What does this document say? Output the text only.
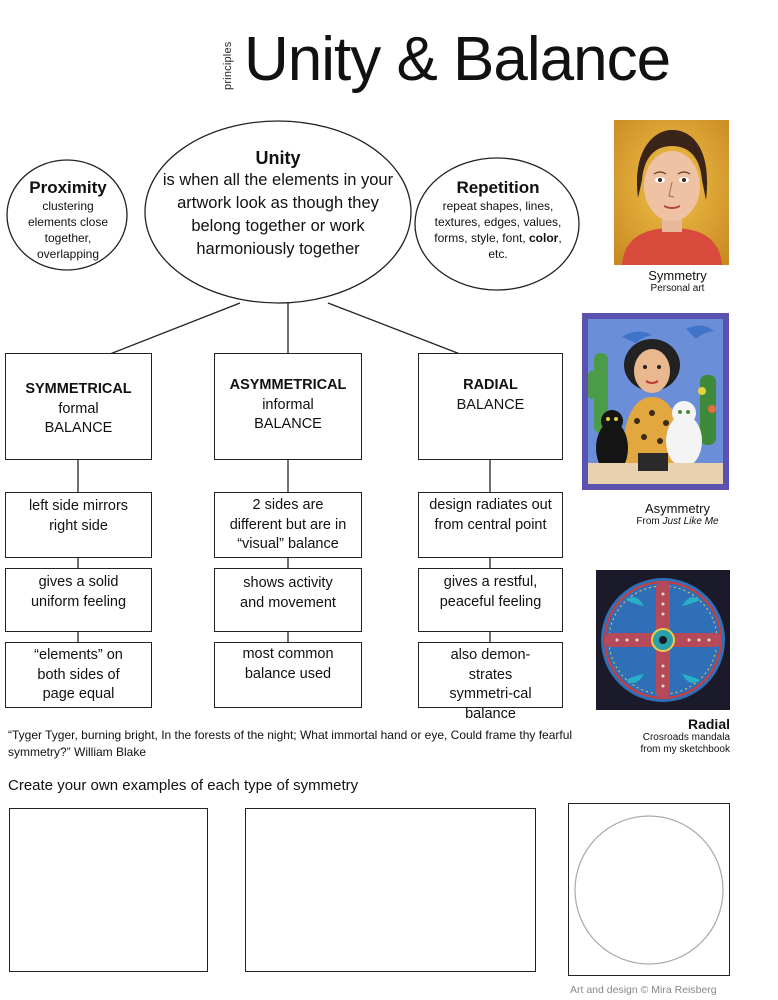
principles Unity & Balance
Unity
is when all the elements in your artwork look as though they belong together or work harmoniously together
Proximity
clustering elements close together, overlapping
Repetition
repeat shapes, lines, textures, edges, values, forms, style, font, color, etc.
SYMMETRICAL
formal
BALANCE
left side mirrors right side
gives a solid uniform feeling
“elements” on both sides of page equal
ASYMMETRICAL
informal
BALANCE
2 sides are different but are in “visual” balance
shows activity and movement
most common balance used
RADIAL
BALANCE
design radiates out from central point
gives a restful, peaceful feeling
also demon-strates symmetri-cal balance
Symmetry
Personal art
Asymmetry
From Just Like Me
Radial
Crosroads mandala from my sketchbook
“Tyger Tyger, burning bright, In the forests of the night; What immortal hand or eye, Could frame thy fearful symmetry?” William Blake
Create your own examples of each type of symmetry
Art and design © Mira Reisberg
